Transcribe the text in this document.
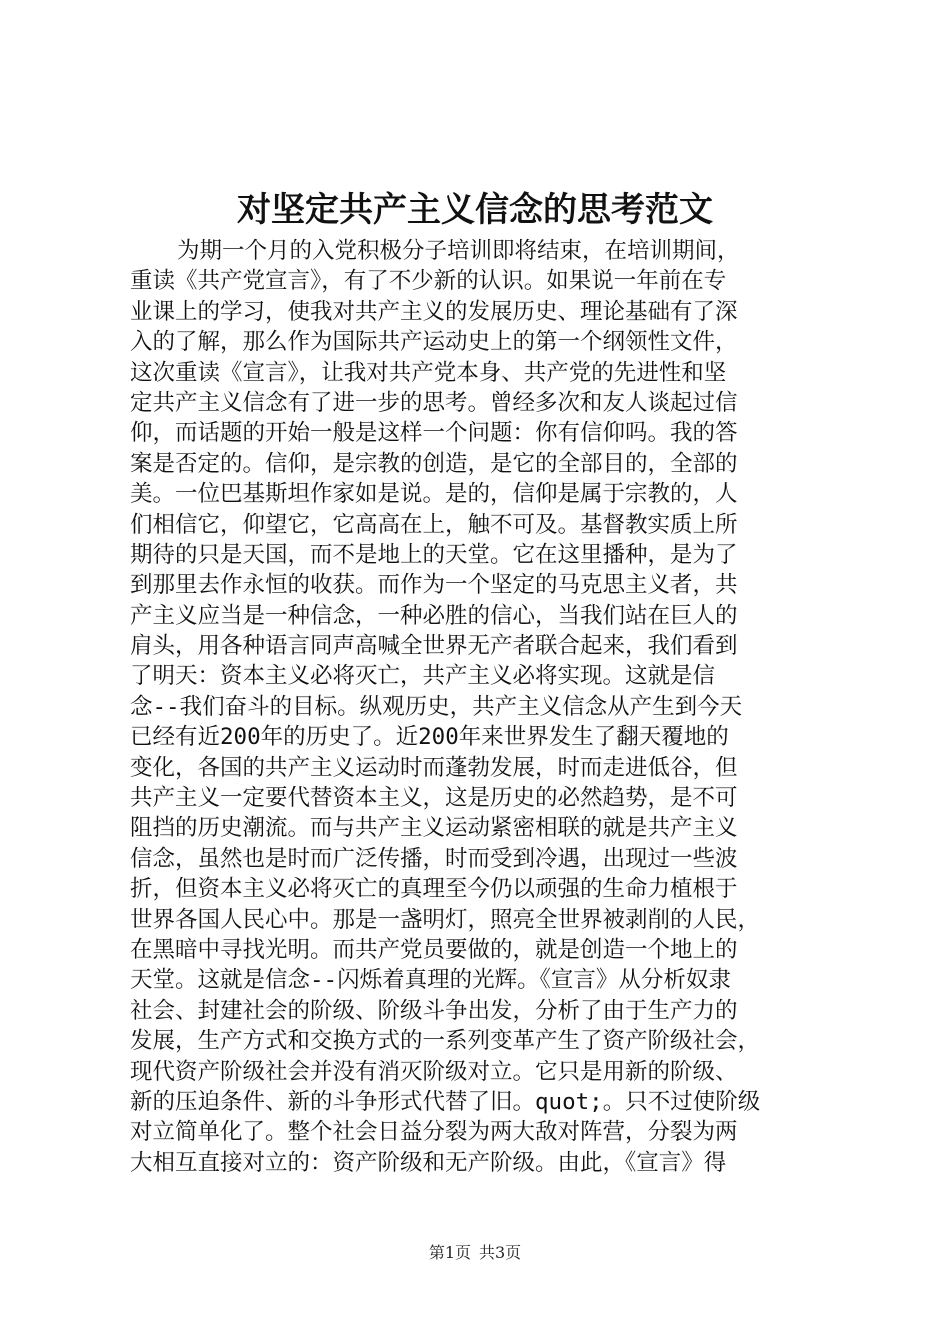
对坚定共产主义信念的思考范文
为期一个月的入党积极分子培训即将结束，在培训期间，
重读《共产党宣言》，有了不少新的认识。如果说一年前在专
业课上的学习，使我对共产主义的发展历史、理论基础有了深
入的了解，那么作为国际共产运动史上的第一个纲领性文件，
这次重读《宣言》，让我对共产党本身、共产党的先进性和坚
定共产主义信念有了进一步的思考。曾经多次和友人谈起过信
仰，而话题的开始一般是这样一个问题：你有信仰吗。我的答
案是否定的。信仰，是宗教的创造，是它的全部目的，全部的
美。一位巴基斯坦作家如是说。是的，信仰是属于宗教的，人
们相信它，仰望它，它高高在上，触不可及。基督教实质上所
期待的只是天国，而不是地上的天堂。它在这里播种，是为了
到那里去作永恒的收获。而作为一个坚定的马克思主义者，共
产主义应当是一种信念，一种必胜的信心，当我们站在巨人的
肩头，用各种语言同声高喊全世界无产者联合起来，我们看到
了明天：资本主义必将灭亡，共产主义必将实现。这就是信
念--我们奋斗的目标。纵观历史，共产主义信念从产生到今天
已经有近200年的历史了。近200年来世界发生了翻天覆地的
变化，各国的共产主义运动时而蓬勃发展，时而走进低谷，但
共产主义一定要代替资本主义，这是历史的必然趋势，是不可
阻挡的历史潮流。而与共产主义运动紧密相联的就是共产主义
信念，虽然也是时而广泛传播，时而受到冷遇，出现过一些波
折，但资本主义必将灭亡的真理至今仍以顽强的生命力植根于
世界各国人民心中。那是一盏明灯，照亮全世界被剥削的人民，
在黑暗中寻找光明。而共产党员要做的，就是创造一个地上的
天堂。这就是信念--闪烁着真理的光辉。《宣言》从分析奴隶
社会、封建社会的阶级、阶级斗争出发，分析了由于生产力的
发展，生产方式和交换方式的一系列变革产生了资产阶级社会，
现代资产阶级社会并没有消灭阶级对立。它只是用新的阶级、
新的压迫条件、新的斗争形式代替了旧。quot;。只不过使阶级
对立简单化了。整个社会日益分裂为两大敌对阵营，分裂为两
大相互直接对立的：资产阶级和无产阶级。由此，《宣言》得
第1页 共3页
